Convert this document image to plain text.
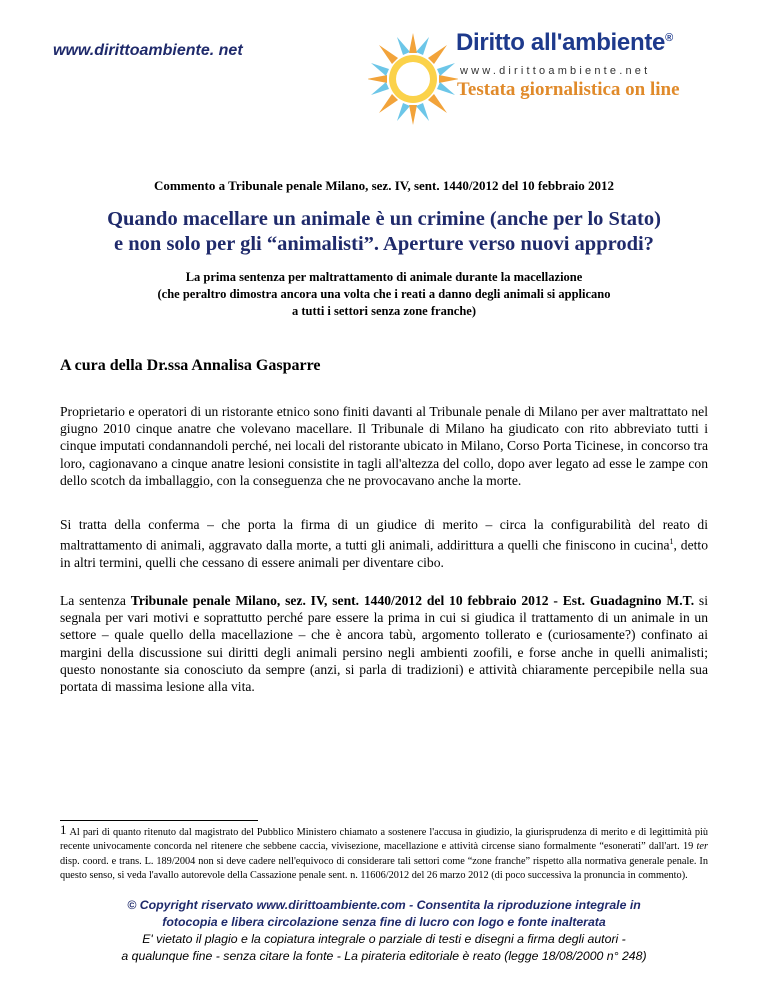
www.dirittoambiente. net	Diritto all'ambiente®
www.dirittoambiente.net
Testata giornalistica on line
Commento a Tribunale penale Milano, sez. IV, sent. 1440/2012 del 10 febbraio 2012
Quando macellare un animale è un crimine (anche per lo Stato)
e non solo per gli “animalisti”. Aperture verso nuovi approdi?
La prima sentenza per maltrattamento di animale durante la macellazione
(che peraltro dimostra ancora una volta che i reati a danno degli animali si applicano
a tutti i settori senza zone franche)
A cura della Dr.ssa Annalisa Gasparre
Proprietario e operatori di un ristorante etnico sono finiti davanti al Tribunale penale di Milano per aver maltrattato nel giugno 2010 cinque anatre che volevano macellare. Il Tribunale di Milano ha giudicato con rito abbreviato tutti i cinque imputati condannandoli perché, nei locali del ristorante ubicato in Milano, Corso Porta Ticinese, in concorso tra loro, cagionavano a cinque anatre lesioni consistite in tagli all'altezza del collo, dopo aver legato ad esse le zampe con dello scotch da imballaggio, con la conseguenza che ne provocavano anche la morte.
Si tratta della conferma – che porta la firma di un giudice di merito – circa la configurabilità del reato di maltrattamento di animali, aggravato dalla morte, a tutti gli animali, addirittura a quelli che finiscono in cucina$^1$, detto in altri termini, quelli che cessano di essere animali per diventare cibo.
La sentenza Tribunale penale Milano, sez. IV, sent. 1440/2012 del 10 febbraio 2012 - Est. Guadagnino M.T. si segnala per vari motivi e soprattutto perché pare essere la prima in cui si giudica il trattamento di un animale in un settore – quale quello della macellazione – che è ancora tabù, argomento tollerato e (curiosamente?) confinato ai margini della discussione sui diritti degli animali persino negli ambienti zoofili, e forse anche in quelli animalisti; questo nonostante sia conosciuto da sempre (anzi, si parla di tradizioni) e attività chiaramente percepibile nella sua portata di massima lesione alla vita.
1 Al pari di quanto ritenuto dal magistrato del Pubblico Ministero chiamato a sostenere l'accusa in giudizio, la giurisprudenza di merito e di legittimità più recente univocamente concorda nel ritenere che sebbene caccia, vivisezione, macellazione e attività circense siano formalmente “esonerati” dall'art. 19 ter disp. coord. e trans. L. 189/2004 non si deve cadere nell'equivoco di considerare tali settori come “zone franche” rispetto alla normativa generale penale. In questo senso, si veda l'avallo autorevole della Cassazione penale sent. n. 11606/2012 del 26 marzo 2012 (di poco successiva la pronuncia in commento).
© Copyright riservato www.dirittoambiente.com - Consentita la riproduzione integrale in
fotocopia e libera circolazione senza fine di lucro con logo e fonte inalterata
E' vietato il plagio e la copiatura integrale o parziale di testi e disegni a firma degli autori -
a qualunque fine - senza citare la fonte - La pirateria editoriale è reato (legge 18/08/2000 n° 248)
